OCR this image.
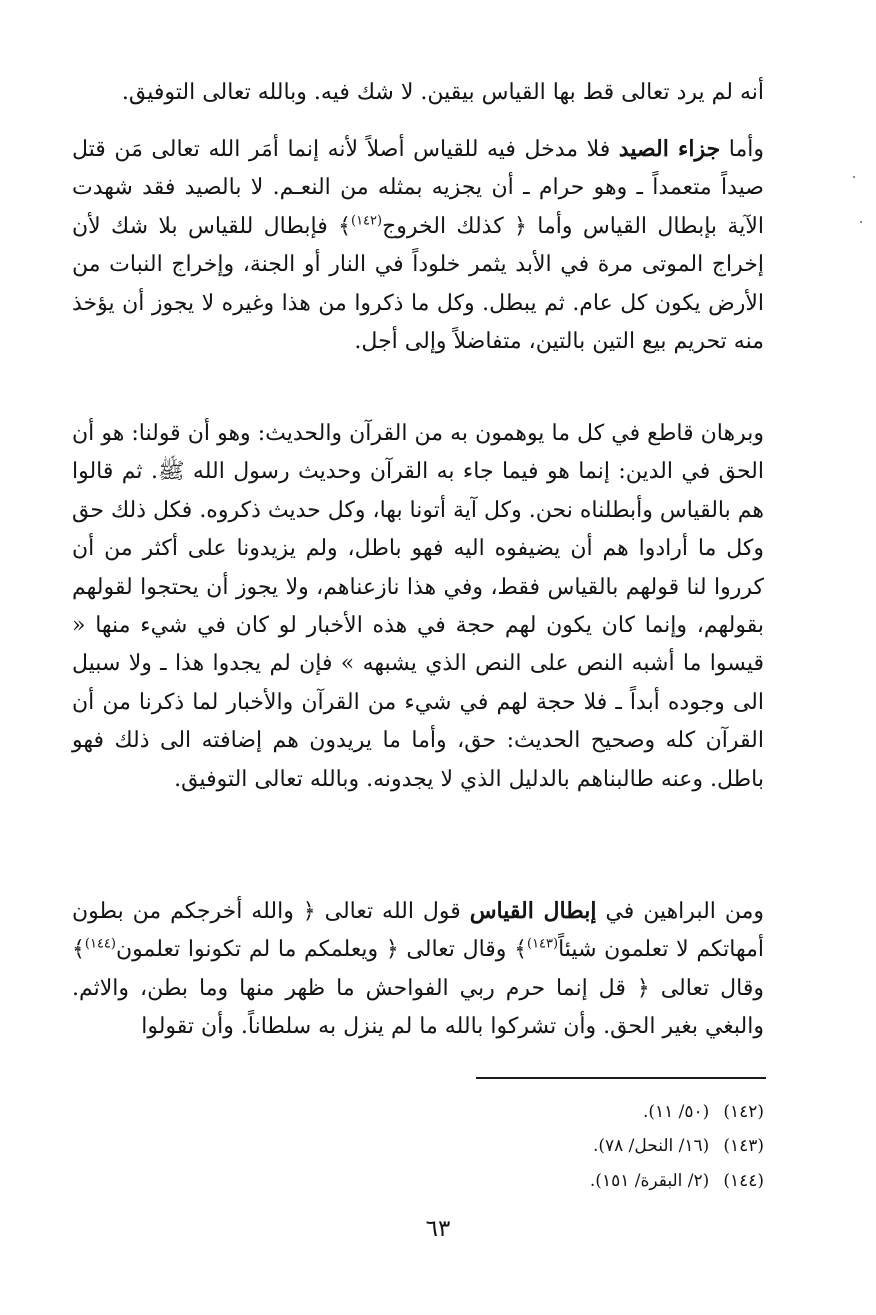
أنه لم يرد تعالى قط بها القياس بيقين. لا شك فيه. وبالله تعالى التوفيق.

وأما جزاء الصيد فلا مدخل فيه للقياس أصلاً لأنه إنما أمَر الله تعالى مَن قتل صيداً متعمداً ـ وهو حرام ـ أن يجزيه بمثله من النعـم. لا بالصيد فقد شهدت الآية بإبطال القياس وأما ﴿ كذلك الخروج$^{(١٤٢)}$﴾ فإبطال للقياس بلا شك لأن إخراج الموتى مرة في الأبد يثمر خلوداً في النار أو الجنة، وإخراج النبات من الأرض يكون كل عام. ثم يبطل. وكل ما ذكروا من هذا وغيره لا يجوز أن يؤخذ منه تحريم بيع التين بالتين، متفاضلاً وإلى أجل.

وبرهان قاطع في كل ما يوهمون به من القرآن والحديث: وهو أن قولنا: هو أن الحق في الدين: إنما هو فيما جاء به القرآن وحديث رسول الله ﷺ. ثم قالوا هم بالقياس وأبطلناه نحن. وكل آية أتونا بها، وكل حديث ذكروه. فكل ذلك حق وكل ما أرادوا هم أن يضيفوه اليه فهو باطل، ولم يزيدونا على أكثر من أن كرروا لنا قولهم بالقياس فقط، وفي هذا نازعناهم، ولا يجوز أن يحتجوا لقولهم بقولهم، وإنما كان يكون لهم حجة في هذه الأخبار لو كان في شيء منها « قيسوا ما أشبه النص على النص الذي يشبهه » فإن لم يجدوا هذا ـ ولا سبيل الى وجوده أبداً ـ فلا حجة لهم في شيء من القرآن والأخبار لما ذكرنا من أن القرآن كله وصحيح الحديث: حق، وأما ما يريدون هم إضافته الى ذلك فهو باطل. وعنه طالبناهم بالدليل الذي لا يجدونه. وبالله تعالى التوفيق.

ومن البراهين في إبطال القياس قول الله تعالى ﴿ والله أخرجكم من بطون أمهاتكم لا تعلمون شيئاً$^{(١٤٣)}$﴾ وقال تعالى ﴿ ويعلمكم ما لم تكونوا تعلمون$^{(١٤٤)}$﴾ وقال تعالى ﴿ قل إنما حرم ربي الفواحش ما ظهر منها وما بطن، والاثم. والبغي بغير الحق. وأن تشركوا بالله ما لم ينزل به سلطاناً. وأن تقولوا

(١٤٢)(٥٠/ ١١).
(١٤٣)(١٦/ النحل/ ٧٨).
(١٤٤)(٢/ البقرة/ ١٥١).
٦٣
